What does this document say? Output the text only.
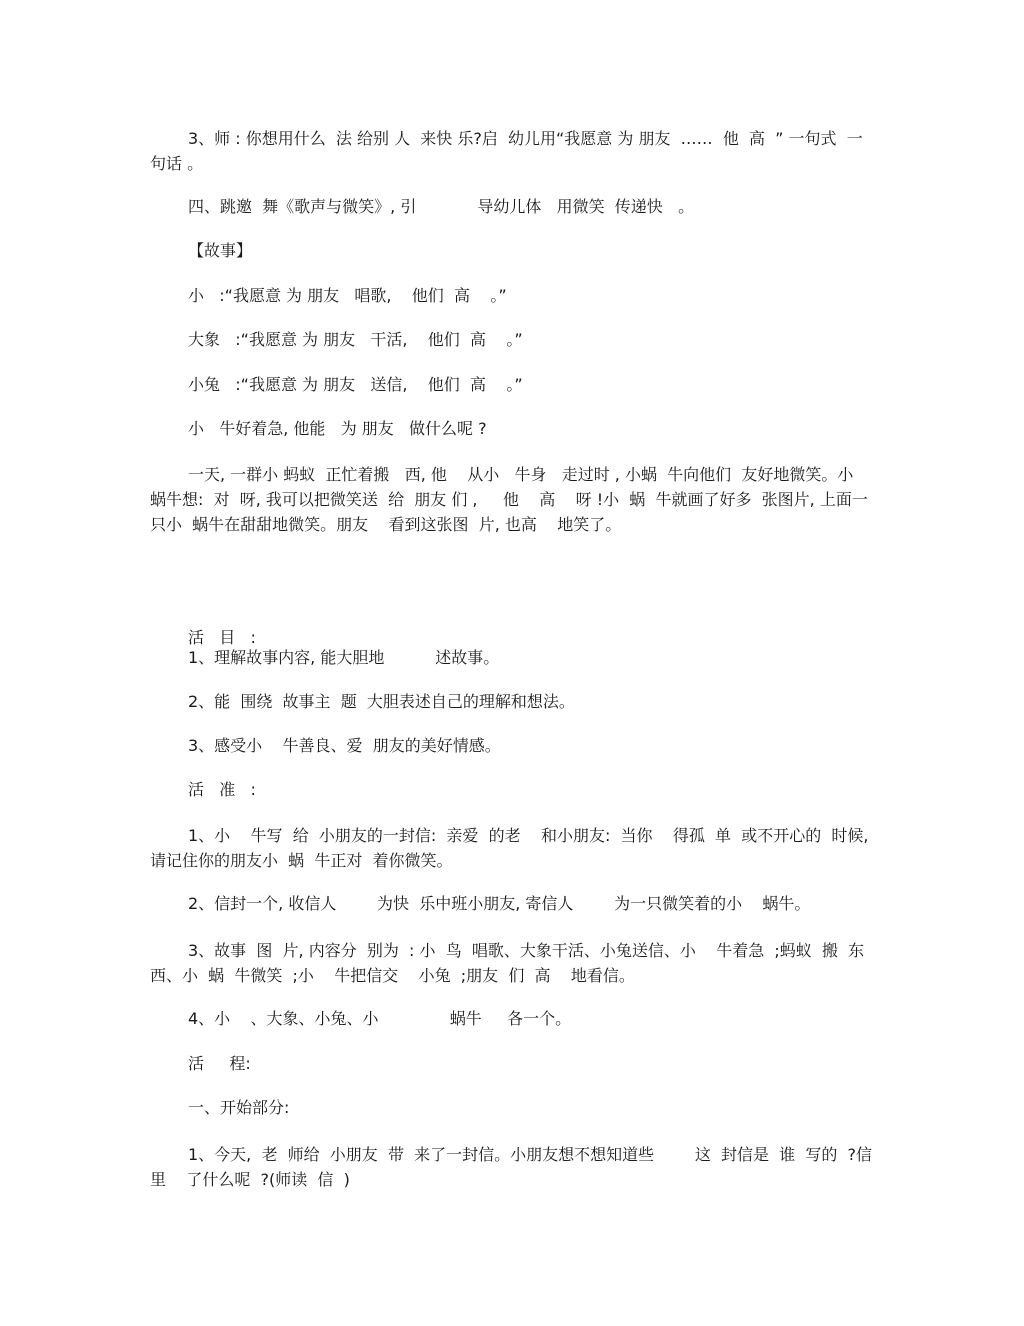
3、师 : 你想用什么  法 给别 人  来快 乐?启  幼儿用“我愿意 为 朋友  ……  他  高  ” 一句式  一句话 。

四、跳邀  舞《歌声与微笑》, 引            导幼儿体   用微笑  传递快   。

【故事】

小   :“我愿意 为 朋友   唱歌,    他们  高    。”

大象   :“我愿意 为 朋友   干活,    他们  高    。”

小兔   :“我愿意 为 朋友   送信,    他们  高    。”

小   牛好着急, 他能   为 朋友   做什么呢 ?

一天, 一群小 蚂蚁  正忙着搬   西, 他    从小   牛身   走过时 , 小蜗  牛向他们  友好地微笑。小  蜗牛想:  对  呀, 我可以把微笑送  给  朋友 们 ,     他    高    呀 !小  蜗  牛就画了好多  张图片, 上面一只小  蜗牛在甜甜地微笑。朋友    看到这张图  片, 也高    地笑了。

活   目   :

1、理解故事内容, 能大胆地          述故事。

2、能  围绕  故事主  题  大胆表述自己的理解和想法。

3、感受小    牛善良、爱  朋友的美好情感。

活   准   :

1、小    牛写  给  小朋友的一封信:  亲爱  的老    和小朋友:  当你    得孤  单  或不开心的  时候, 请记住你的朋友小  蜗  牛正对  着你微笑。

2、信封一个, 收信人        为快  乐中班小朋友, 寄信人        为一只微笑着的小    蜗牛。

3、故事  图  片, 内容分  别为  : 小  鸟  唱歌、大象干活、小兔送信、小    牛着急  ;蚂蚁  搬  东西、小  蜗  牛微笑  ;小    牛把信交    小兔  ;朋友  们  高    地看信。

4、小    、大象、小兔、小              蜗牛     各一个。

活     程:

一、开始部分:

1、今天,  老  师给  小朋友  带  来了一封信。小朋友想不想知道些        这  封信是  谁  写的  ?信里    了什么呢  ?(师读  信  )
